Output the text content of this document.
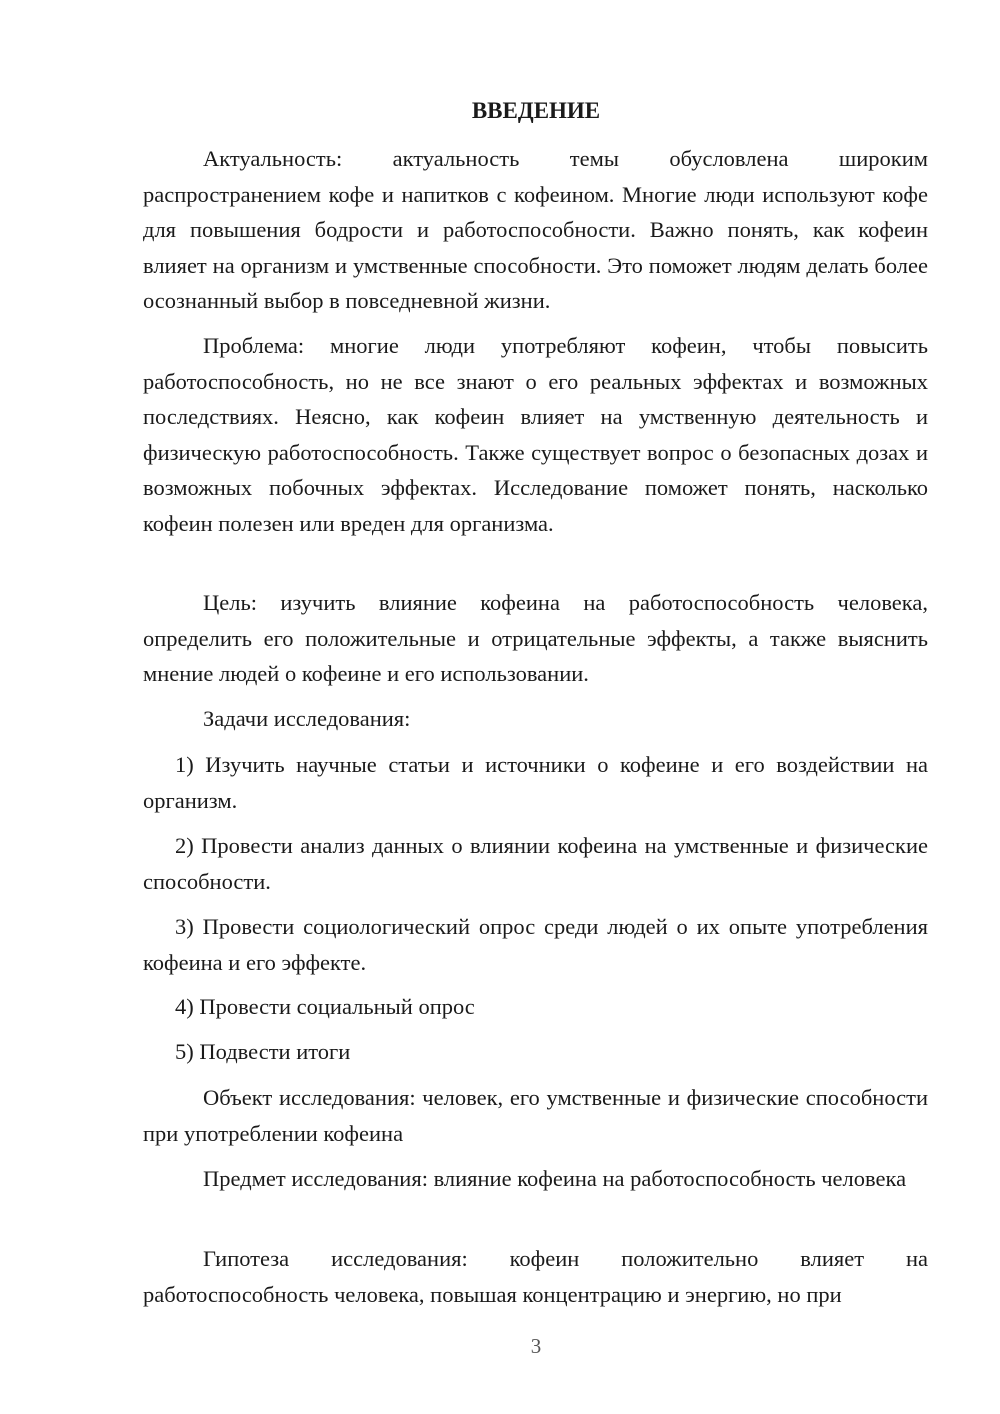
ВВЕДЕНИЕ

Актуальность: актуальность темы обусловлена широким распространением кофе и напитков с кофеином. Многие люди используют кофе для повышения бодрости и работоспособности. Важно понять, как кофеин влияет на организм и умственные способности. Это поможет людям делать более осознанный выбор в повседневной жизни.

Проблема: многие люди употребляют кофеин, чтобы повысить работоспособность, но не все знают о его реальных эффектах и возможных последствиях. Неясно, как кофеин влияет на умственную деятельность и физическую работоспособность. Также существует вопрос о безопасных дозах и возможных побочных эффектах. Исследование поможет понять, насколько кофеин полезен или вреден для организма.

Цель: изучить влияние кофеина на работоспособность человека, определить его положительные и отрицательные эффекты, а также выяснить мнение людей о кофеине и его использовании.

Задачи исследования:

1) Изучить научные статьи и источники о кофеине и его воздействии на организм.

2) Провести анализ данных о влиянии кофеина на умственные и физические способности.

3) Провести социологический опрос среди людей о их опыте употребления кофеина и его эффекте.

4) Провести социальный опрос

5) Подвести итоги

Объект исследования: человек, его умственные и физические способности при употреблении кофеина

Предмет исследования: влияние кофеина на работоспособность человека

Гипотеза исследования: кофеин положительно влияет на работоспособность человека, повышая концентрацию и энергию, но при

3
